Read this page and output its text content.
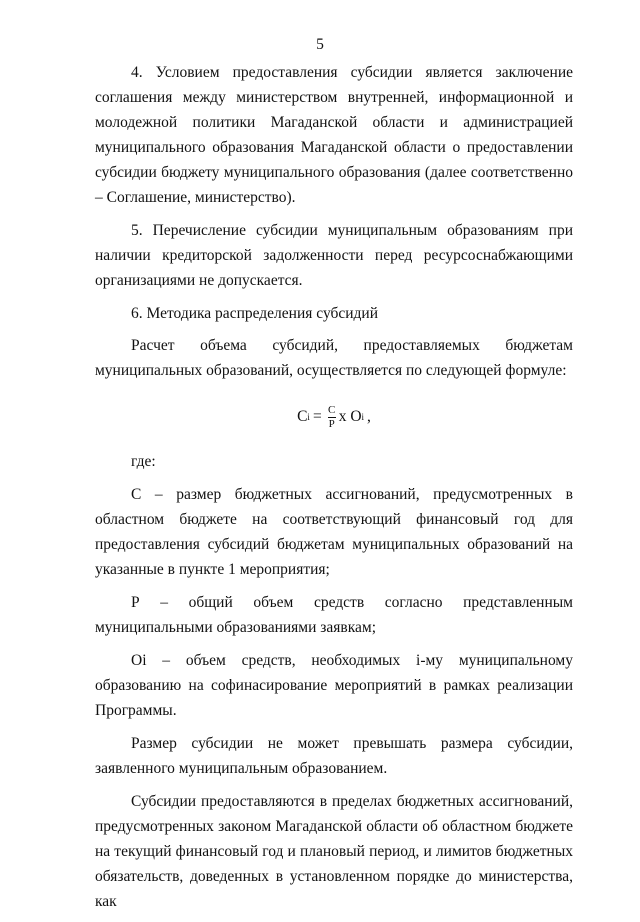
5

4. Условием предоставления субсидии является заключение соглашения между министерством внутренней, информационной и молодежной политики Магаданской области и администрацией муниципального образования Магаданской области о предоставлении субсидии бюджету муниципального образования (далее соответственно – Соглашение, министерство).

5. Перечисление субсидии муниципальным образованиям при наличии кредиторской задолженности перед ресурсоснабжающими организациями не допускается.

6. Методика распределения субсидий

Расчет объема субсидий, предоставляемых бюджетам муниципальных образований, осуществляется по следующей формуле:

С $i = \frac{С}{Р}$ х О i ,

где:

С – размер бюджетных ассигнований, предусмотренных в областном бюджете на соответствующий финансовый год для предоставления субсидий бюджетам муниципальных образований на указанные в пункте 1 мероприятия;

Р – общий объем средств согласно представленным муниципальными образованиями заявкам;

Оi – объем средств, необходимых i-му муниципальному образованию на софинасирование мероприятий в рамках реализации Программы.

Размер субсидии не может превышать размера субсидии, заявленного муниципальным образованием.

Субсидии предоставляются в пределах бюджетных ассигнований, предусмотренных законом Магаданской области об областном бюджете на текущий финансовый год и плановый период, и лимитов бюджетных обязательств, доведенных в установленном порядке до министерства, как
